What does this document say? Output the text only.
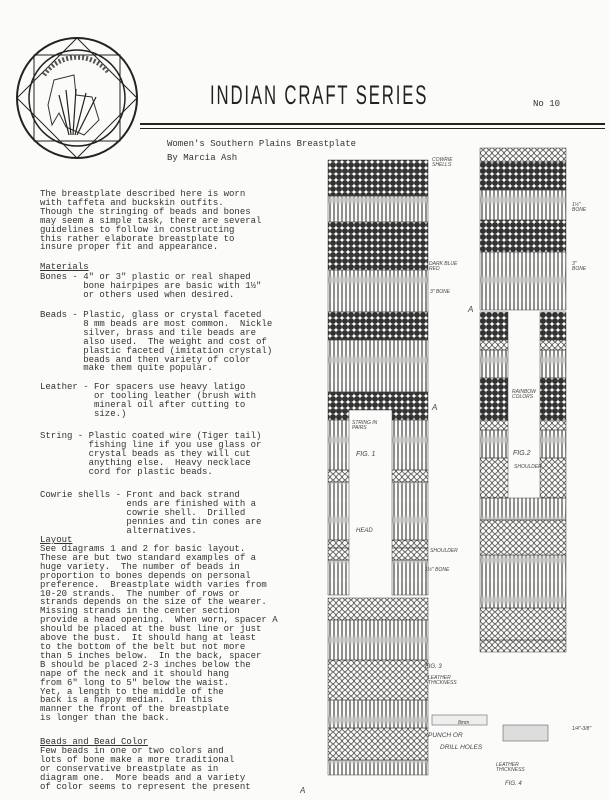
INDIAN CRAFT SERIES	No 10
Women's Southern Plains Breastplate
By Marcia Ash
The breastplate described here is worn
with taffeta and buckskin outfits.
Though the stringing of beads and bones
may seem a simple task, there are several
guidelines to follow in constructing
this rather elaborate breastplate to
insure proper fit and appearance.
Materials
Bones - 4" or 3" plastic or real shaped
bone hairpipes are basic with 1½"
or others used when desired.
Beads - Plastic, glass or crystal faceted
8 mm beads are most common.  Nickle
silver, brass and tile beads are
also used.  The weight and cost of
plastic faceted (imitation crystal)
beads and then variety of color
make them quite popular.
Leather - For spacers use heavy latigo
or tooling leather (brush with
mineral oil after cutting to
size.)
String - Plastic coated wire (Tiger tail)
fishing line if you use glass or
crystal beads as they will cut
anything else.  Heavy necklace
cord for plastic beads.
Cowrie shells - Front and back strand
ends are finished with a
cowrie shell.  Drilled
pennies and tin cones are
alternatives.
Layout
See diagrams 1 and 2 for basic layout.
These are but two standard examples of a
huge variety.  The number of beads in
proportion to bones depends on personal
preference.  Breastplate width varies from
10-20 strands.  The number of rows or
strands depends on the size of the wearer.
Missing strands in the center section
provide a head opening.  When worn, spacer A
should be placed at the bust line or just
above the bust.  It should hang at least
to the bottom of the belt but not more
than 5 inches below.  In the back, spacer
B should be placed 2-3 inches below the
nape of the neck and it should hang
from 6" long to 5" below the waist.
Yet, a length to the middle of the
back is a happy median.  In this
manner the front of the breastplate
is longer than the back.
Beads and Bead Color
Few beads in one or two colors and
lots of bone make a more traditional
or conservative breastplate as in
diagram one.  More beads and a variety
of color seems to represent the present
COWRIE
SHELLS
DARK BLUE
RED
3" BONE
A
STRING IN
PAIRS
FIG. 1
HEAD
SHOULDER
1½" BONE
A
1½"
BONE
3"
BONE
A
RAINBOW
COLORS
FIG.2
SHOULDER
FIG. 3
LEATHER
THICKNESS
8mm
PUNCH OR
DRILL HOLES
1/4"-3/8"
LEATHER
THICKNESS
FIG. 4
